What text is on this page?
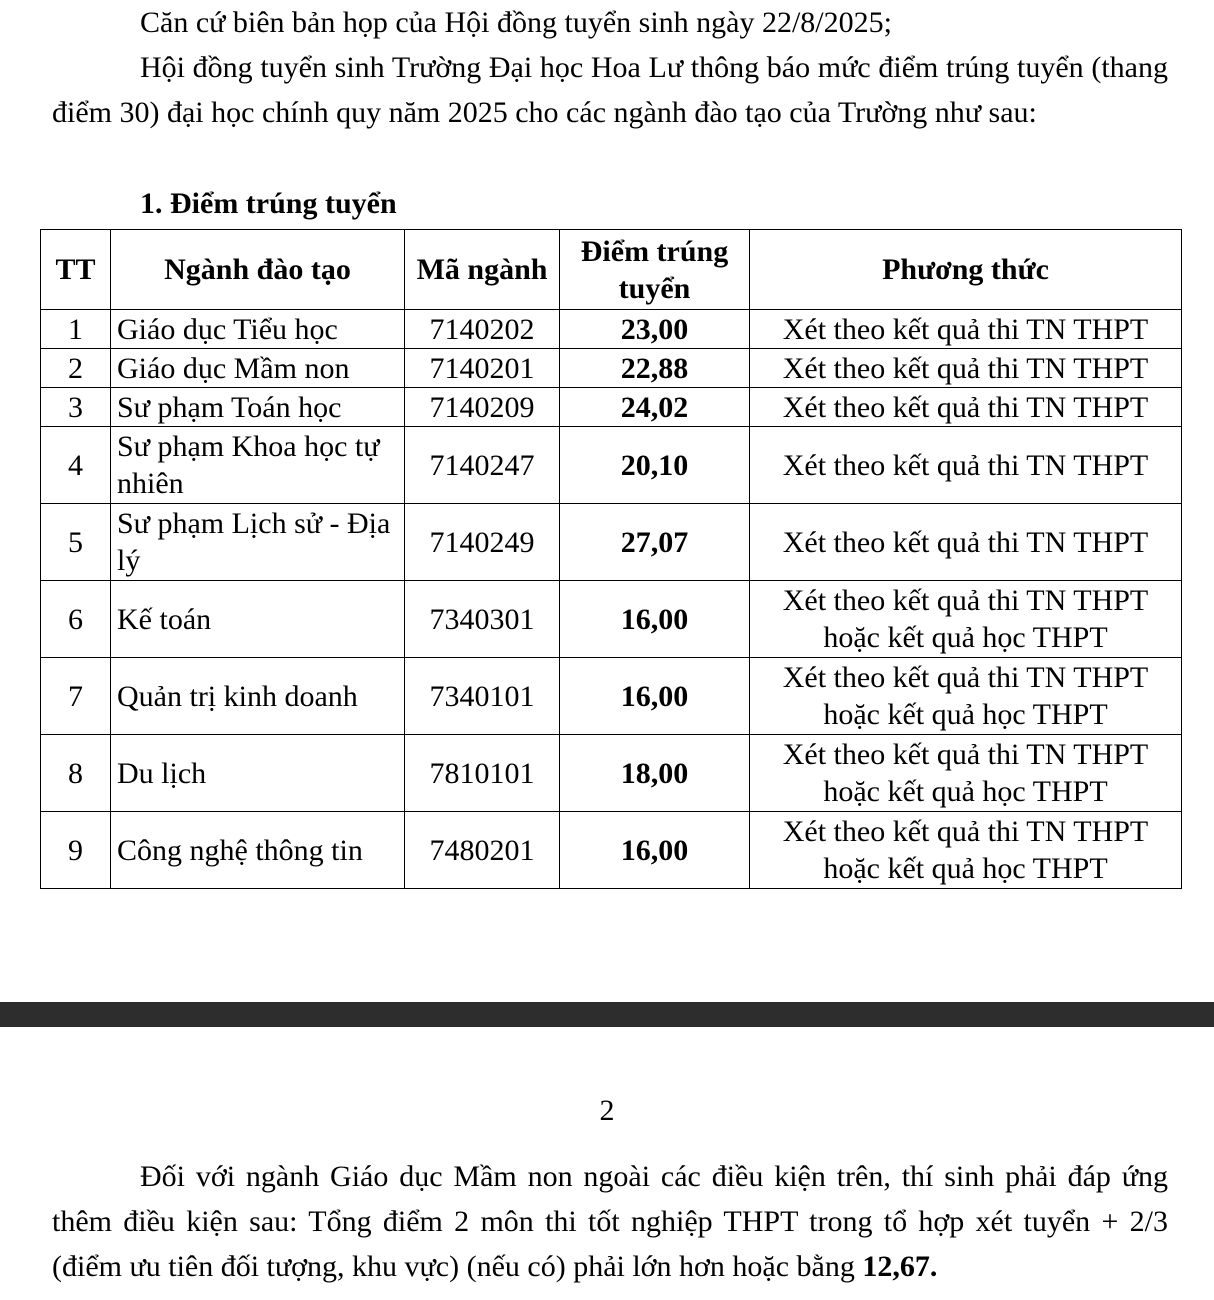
Căn cứ biên bản họp của Hội đồng tuyển sinh ngày 22/8/2025;

Hội đồng tuyển sinh Trường Đại học Hoa Lư thông báo mức điểm trúng tuyển (thang điểm 30) đại học chính quy năm 2025 cho các ngành đào tạo của Trường như sau:

1. Điểm trúng tuyển
TT	Ngành đào tạo	Mã ngành	Điểm trúng tuyển	Phương thức
1	Giáo dục Tiểu học	7140202	23,00	Xét theo kết quả thi TN THPT
2	Giáo dục Mầm non	7140201	22,88	Xét theo kết quả thi TN THPT
3	Sư phạm Toán học	7140209	24,02	Xét theo kết quả thi TN THPT
4	Sư phạm Khoa học tự nhiên	7140247	20,10	Xét theo kết quả thi TN THPT
5	Sư phạm Lịch sử - Địa lý	7140249	27,07	Xét theo kết quả thi TN THPT
6	Kế toán	7340301	16,00	Xét theo kết quả thi TN THPT hoặc kết quả học THPT
7	Quản trị kinh doanh	7340101	16,00	Xét theo kết quả thi TN THPT hoặc kết quả học THPT
8	Du lịch	7810101	18,00	Xét theo kết quả thi TN THPT hoặc kết quả học THPT
9	Công nghệ thông tin	7480201	16,00	Xét theo kết quả thi TN THPT hoặc kết quả học THPT
2

Đối với ngành Giáo dục Mầm non ngoài các điều kiện trên, thí sinh phải đáp ứng thêm điều kiện sau: Tổng điểm 2 môn thi tốt nghiệp THPT trong tổ hợp xét tuyển + 2/3 (điểm ưu tiên đối tượng, khu vực) (nếu có) phải lớn hơn hoặc bằng 12,67.
